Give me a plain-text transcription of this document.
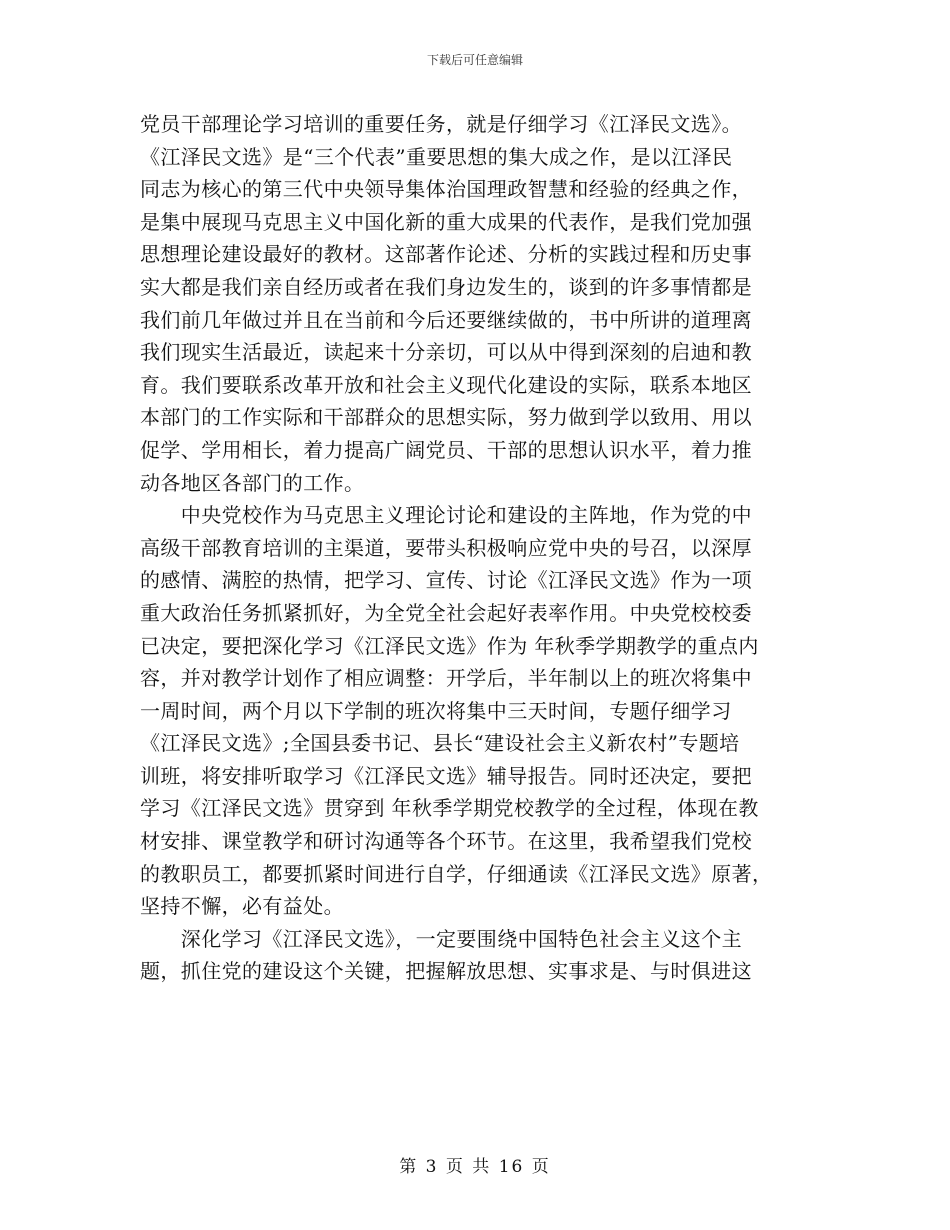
下载后可任意编辑
党员干部理论学习培训的重要任务，就是仔细学习《江泽民文选》。
《江泽民文选》是“三个代表”重要思想的集大成之作，是以江泽民
同志为核心的第三代中央领导集体治国理政智慧和经验的经典之作，
是集中展现马克思主义中国化新的重大成果的代表作，是我们党加强
思想理论建设最好的教材。这部著作论述、分析的实践过程和历史事
实大都是我们亲自经历或者在我们身边发生的，谈到的许多事情都是
我们前几年做过并且在当前和今后还要继续做的，书中所讲的道理离
我们现实生活最近，读起来十分亲切，可以从中得到深刻的启迪和教
育。我们要联系改革开放和社会主义现代化建设的实际，联系本地区
本部门的工作实际和干部群众的思想实际，努力做到学以致用、用以
促学、学用相长，着力提高广阔党员、干部的思想认识水平，着力推
动各地区各部门的工作。
　　中央党校作为马克思主义理论讨论和建设的主阵地，作为党的中
高级干部教育培训的主渠道，要带头积极响应党中央的号召，以深厚
的感情、满腔的热情，把学习、宣传、讨论《江泽民文选》作为一项
重大政治任务抓紧抓好，为全党全社会起好表率作用。中央党校校委
已决定，要把深化学习《江泽民文选》作为 年秋季学期教学的重点内
容，并对教学计划作了相应调整：开学后，半年制以上的班次将集中
一周时间，两个月以下学制的班次将集中三天时间，专题仔细学习
《江泽民文选》;全国县委书记、县长“建设社会主义新农村”专题培
训班，将安排听取学习《江泽民文选》辅导报告。同时还决定，要把
学习《江泽民文选》贯穿到 年秋季学期党校教学的全过程，体现在教
材安排、课堂教学和研讨沟通等各个环节。在这里，我希望我们党校
的教职员工，都要抓紧时间进行自学，仔细通读《江泽民文选》原著，
坚持不懈，必有益处。
　　深化学习《江泽民文选》，一定要围绕中国特色社会主义这个主
题，抓住党的建设这个关键，把握解放思想、实事求是、与时俱进这
第 3 页 共 16 页
